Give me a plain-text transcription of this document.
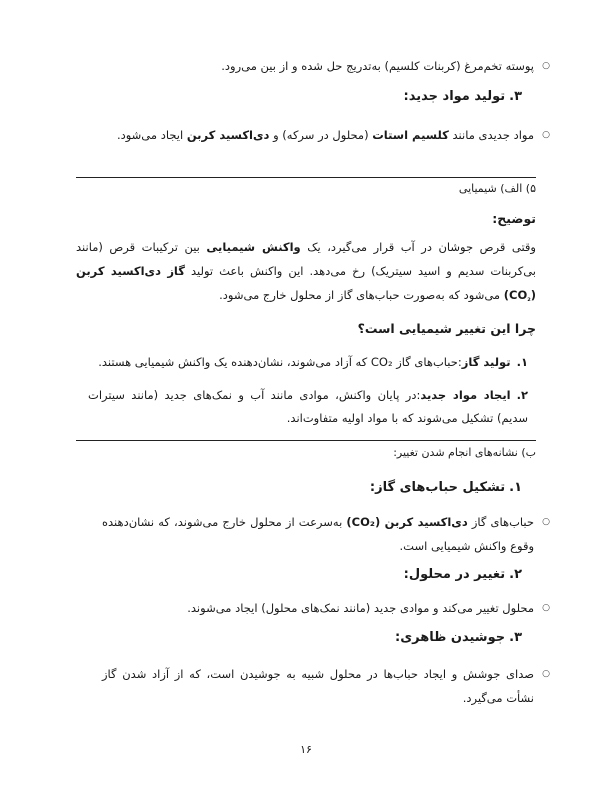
○
پوسته تخم‌مرغ (کربنات کلسیم) به‌تدریج حل شده و از بین می‌رود.
۳.تولید مواد جدید:
○
مواد جدیدی مانند کلسیم استات (محلول در سرکه) و دی‌اکسید کربن ایجاد می‌شود.
۵) الف) شیمیایی
توضیح:
وقتی قرص جوشان در آب قرار می‌گیرد، یک واکنش شیمیایی بین ترکیبات قرص (مانند بی‌کربنات سدیم و اسید سیتریک) رخ می‌دهد. این واکنش باعث تولید گاز دی‌اکسید کربن $(CO_{_2})$ می‌شود که به‌صورت حباب‌های گاز از محلول خارج می‌شود.
چرا این تغییر شیمیایی است؟
۱.تولید گاز:حباب‌های گاز CO₂ که آزاد می‌شوند، نشان‌دهنده یک واکنش شیمیایی هستند.
۲.ایجاد مواد جدید:در پایان واکنش، موادی مانند آب و نمک‌های جدید (مانند سیترات سدیم) تشکیل می‌شوند که با مواد اولیه متفاوت‌اند.
ب) نشانه‌های انجام شدن تغییر:
۱.تشکیل حباب‌های گاز:
○
حباب‌های گاز دی‌اکسید کربن (CO₂) به‌سرعت از محلول خارج می‌شوند، که نشان‌دهنده وقوع واکنش شیمیایی است.
۲.تغییر در محلول:
○
محلول تغییر می‌کند و موادی جدید (مانند نمک‌های محلول) ایجاد می‌شوند.
۳.جوشیدن ظاهری:
○
صدای جوشش و ایجاد حباب‌ها در محلول شبیه به جوشیدن است، که از آزاد شدن گاز نشأت می‌گیرد.
۱۶
